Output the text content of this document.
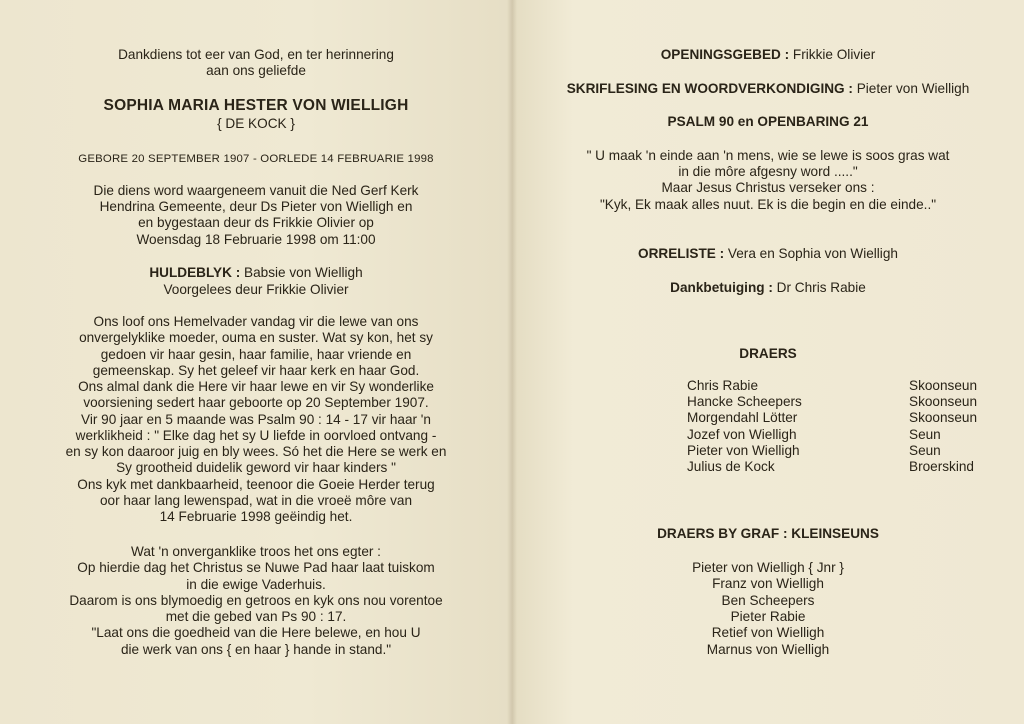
Dankdiens tot eer van God, en ter herinnering
aan ons geliefde
SOPHIA MARIA HESTER VON WIELLIGH
{ DE KOCK }
GEBORE 20 SEPTEMBER 1907 - OORLEDE 14 FEBRUARIE 1998
Die diens word waargeneem vanuit die Ned Gerf Kerk
Hendrina Gemeente, deur Ds Pieter von Wielligh en
en bygestaan deur ds Frikkie Olivier op
Woensdag 18 Februarie 1998 om 11:00
HULDEBLYK : Babsie von Wielligh
Voorgelees deur Frikkie Olivier
Ons loof ons Hemelvader vandag vir die lewe van ons
onvergelyklike moeder, ouma en suster. Wat sy kon, het sy
gedoen vir haar gesin, haar familie, haar vriende en
gemeenskap. Sy het geleef vir haar kerk en haar God.
Ons almal dank die Here vir haar lewe en vir Sy wonderlike
voorsiening sedert haar geboorte op 20 September 1907.
Vir 90 jaar en 5 maande was Psalm 90 : 14 - 17 vir haar 'n
werklikheid : " Elke dag het sy U liefde in oorvloed ontvang -
en sy kon daaroor juig en bly wees. Só het die Here se werk en
Sy grootheid duidelik geword vir haar kinders "
Ons kyk met dankbaarheid, teenoor die Goeie Herder terug
oor haar lang lewenspad, wat in die vroeë môre van
14 Februarie 1998 geëindig het.
Wat 'n onverganklike troos het ons egter :
Op hierdie dag het Christus se Nuwe Pad haar laat tuiskom
in die ewige Vaderhuis.
Daarom is ons blymoedig en getroos en kyk ons nou vorentoe
met die gebed van Ps 90 : 17.
"Laat ons die goedheid van die Here belewe, en hou U
die werk van ons { en haar } hande in stand."
OPENINGSGEBED : Frikkie Olivier
SKRIFLESING EN WOORDVERKONDIGING : Pieter von Wielligh
PSALM 90 en OPENBARING 21
" U maak 'n einde aan 'n mens, wie se lewe is soos gras wat
in die môre afgesny word ....."
Maar Jesus Christus verseker ons :
"Kyk, Ek maak alles nuut. Ek is die begin en die einde.."
ORRELISTE : Vera en Sophia von Wielligh
Dankbetuiging : Dr Chris Rabie
DRAERS
Chris Rabie	Skoonseun
Hancke Scheepers	Skoonseun
Morgendahl Lötter	Skoonseun
Jozef von Wielligh	Seun
Pieter von Wielligh	Seun
Julius de Kock	Broerskind
DRAERS BY GRAF : KLEINSEUNS
Pieter von Wielligh { Jnr }
Franz von Wielligh
Ben Scheepers
Pieter Rabie
Retief von Wielligh
Marnus von Wielligh
